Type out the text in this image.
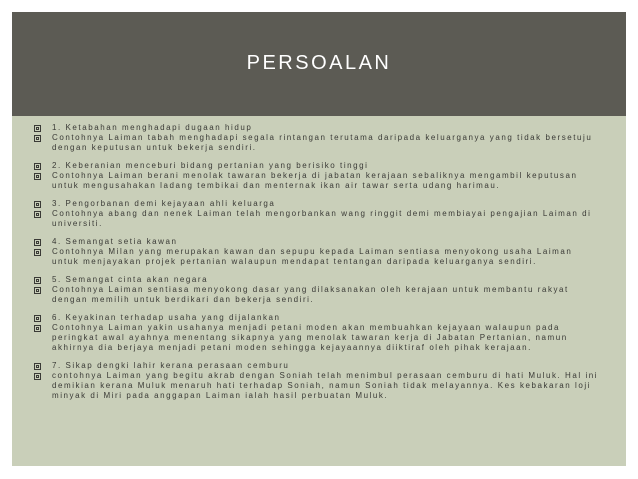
PERSOALAN
1. Ketabahan menghadapi dugaan hidup
Contohnya Laiman tabah menghadapi segala rintangan terutama daripada keluarganya yang tidak bersetuju
dengan keputusan untuk bekerja sendiri.
2. Keberanian menceburi bidang pertanian yang berisiko tinggi
Contohnya Laiman berani menolak tawaran bekerja di jabatan kerajaan sebaliknya mengambil keputusan
untuk mengusahakan ladang tembikai dan menternak ikan air tawar serta udang harimau.
3. Pengorbanan demi kejayaan ahli keluarga
Contohnya abang dan nenek Laiman telah mengorbankan wang ringgit demi membiayai pengajian Laiman di
universiti.
4. Semangat setia kawan
Contohnya Milan yang merupakan kawan dan sepupu kepada Laiman sentiasa menyokong usaha Laiman
untuk menjayakan projek pertanian walaupun mendapat tentangan daripada keluarganya sendiri.
5. Semangat cinta akan negara
Contohnya Laiman sentiasa menyokong dasar yang dilaksanakan oleh kerajaan untuk membantu rakyat
dengan memilih untuk berdikari dan bekerja sendiri.
6. Keyakinan terhadap usaha yang dijalankan
Contohnya Laiman yakin usahanya menjadi petani moden akan membuahkan kejayaan walaupun pada
peringkat awal ayahnya menentang sikapnya yang menolak tawaran kerja di Jabatan Pertanian, namun
akhirnya dia berjaya menjadi petani moden sehingga kejayaannya diiktiraf oleh pihak kerajaan.
7. Sikap dengki lahir kerana perasaan cemburu
contohnya Laiman yang begitu akrab dengan Soniah telah menimbul perasaan cemburu di hati Muluk. Hal ini
demikian kerana Muluk menaruh hati terhadap Soniah, namun Soniah tidak melayannya. Kes kebakaran loji
minyak di Miri pada anggapan Laiman ialah hasil perbuatan Muluk.
